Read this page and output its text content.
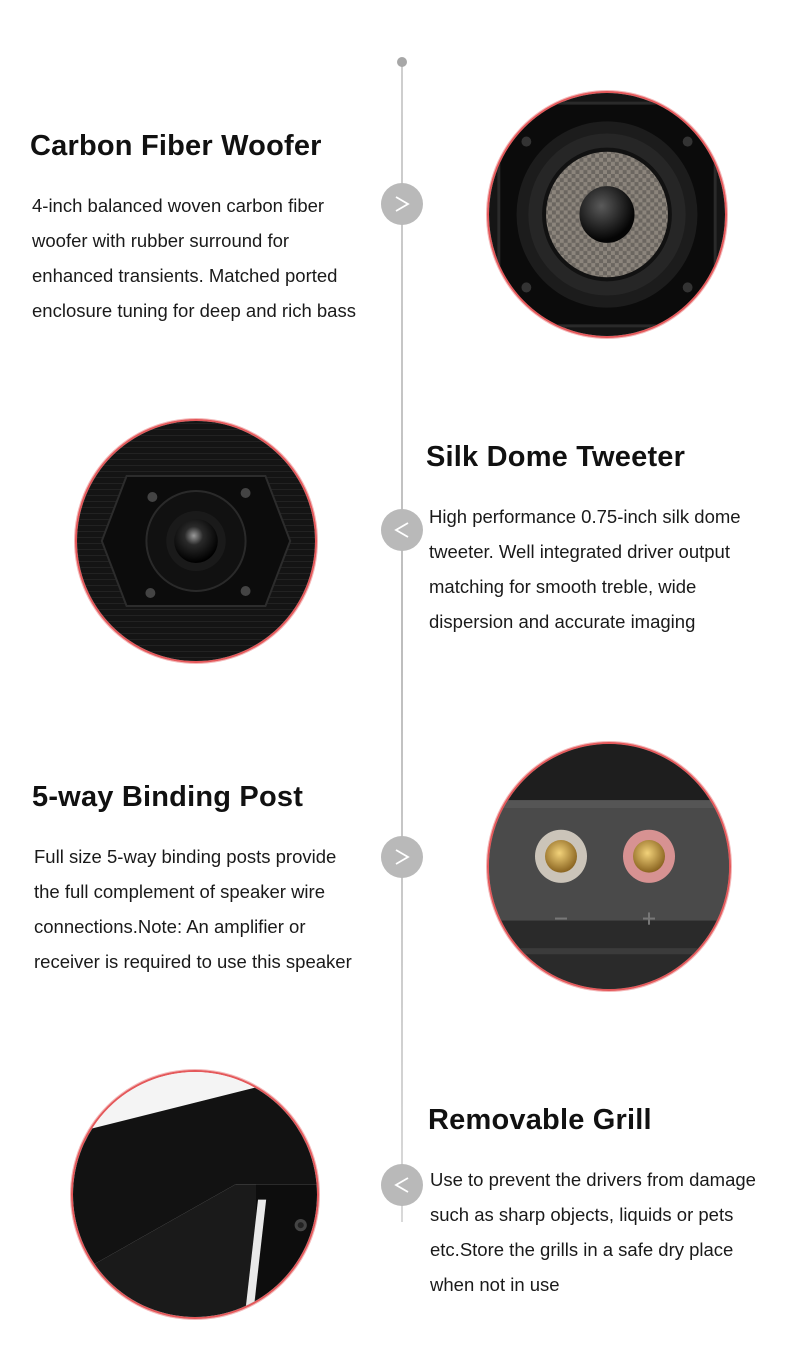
Carbon Fiber Woofer

4-inch balanced woven carbon fiber

woofer with rubber surround for

enhanced transients. Matched ported

enclosure tuning for deep and rich bass

Silk Dome Tweeter

High performance 0.75-inch silk dome

tweeter. Well integrated driver output

matching for smooth treble, wide

dispersion and accurate imaging

5-way Binding Post

Full size 5-way binding posts provide

the full complement of speaker wire

connections.Note: An amplifier or

receiver is required to use this speaker

Removable Grill

Use to prevent the drivers from damage

such as sharp objects, liquids or pets

etc.Store the grills in a safe dry place

when not in use
